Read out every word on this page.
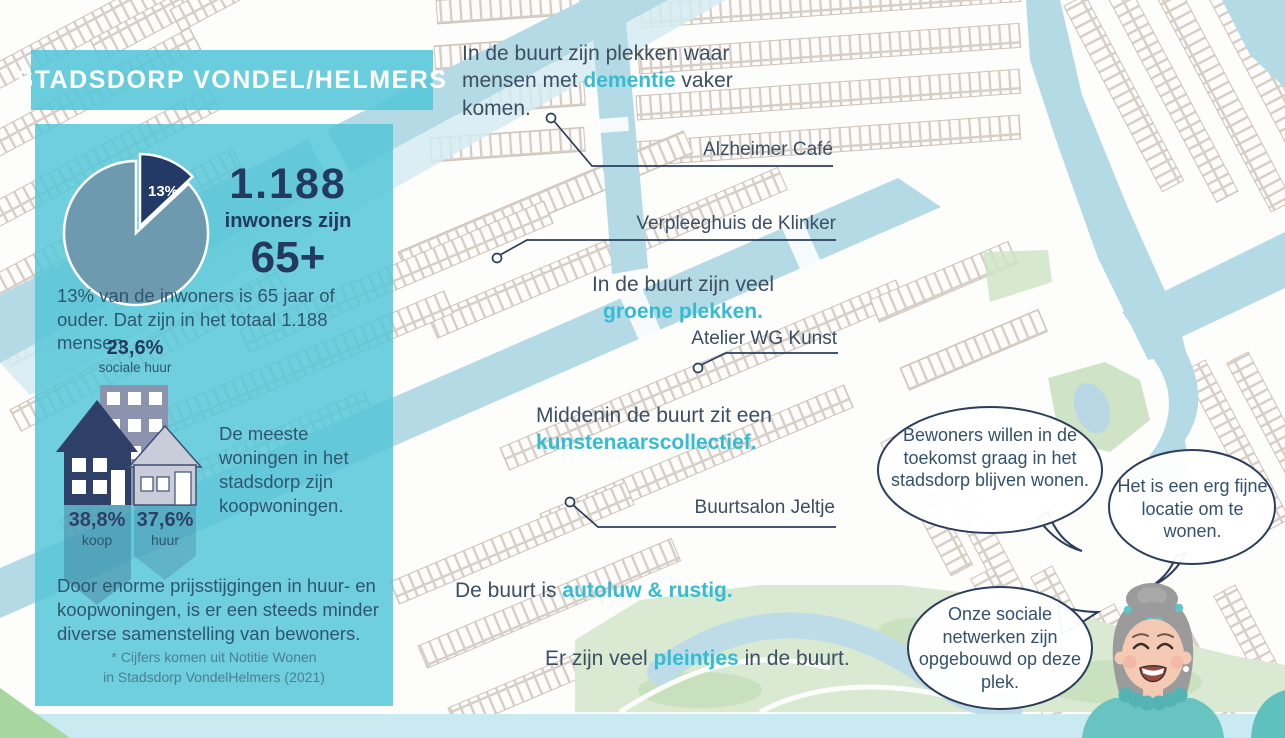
STADSDORP VONDEL/HELMERS
13%	1.188
inwoners zijn
65+
13% van de inwoners is 65 jaar of ouder. Dat zijn in het totaal 1.188 mensen.
23,6%
sociale huur
38,8%
koop
37,6%
huur
De meeste woningen in het stadsdorp zijn koopwoningen.
Door enorme prijsstijgingen in huur- en koopwoningen, is er een steeds minder diverse samenstelling van bewoners.
* Cijfers komen uit Notitie Wonen
in Stadsdorp VondelHelmers (2021)
In de buurt zijn plekken waar mensen met dementie vaker komen.
In de buurt zijn veel
groene plekken.
Middenin de buurt zit een
kunstenaarscollectief.
De buurt is autoluw & rustig.
Er zijn veel pleintjes in de buurt.
Alzheimer Café
Verpleeghuis de Klinker
Atelier WG Kunst
Buurtsalon Jeltje
Bewoners willen in de toekomst graag in het stadsdorp blijven wonen.	Het is een erg fijne locatie om te wonen.
Onze sociale netwerken zijn opgebouwd op deze plek.
